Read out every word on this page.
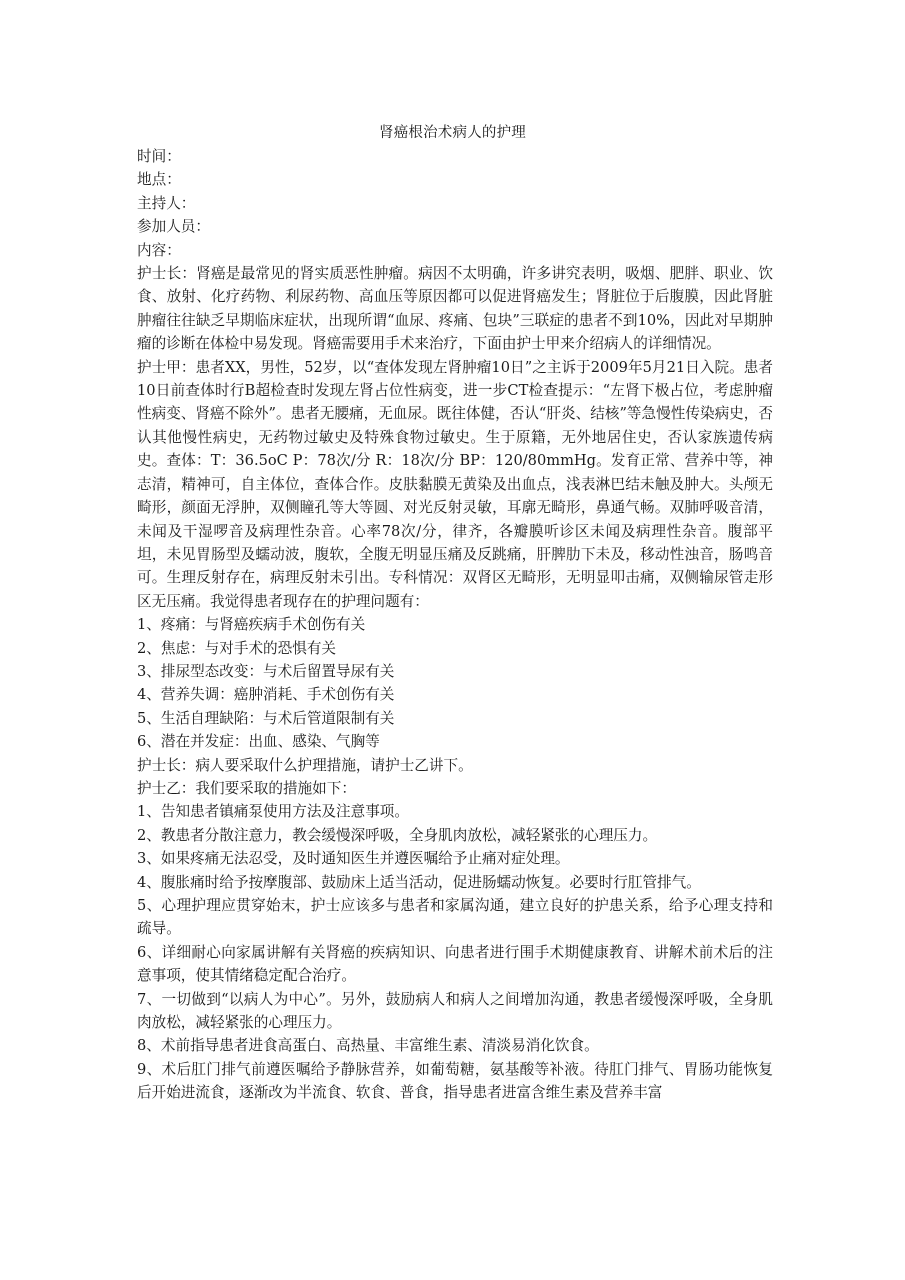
肾癌根治术病人的护理

时间：

地点：

主持人：

参加人员：

内容：

护士长：肾癌是最常见的肾实质恶性肿瘤。病因不太明确，许多讲究表明，吸烟、肥胖、职业、饮食、放射、化疗药物、利尿药物、高血压等原因都可以促进肾癌发生；肾脏位于后腹膜，因此肾脏肿瘤往往缺乏早期临床症状，出现所谓“血尿、疼痛、包块”三联症的患者不到10%，因此对早期肿瘤的诊断在体检中易发现。肾癌需要用手术来治疗，下面由护士甲来介绍病人的详细情况。

护士甲：患者XX，男性，52岁，以“查体发现左肾肿瘤10日”之主诉于2009年5月21日入院。患者10日前查体时行B超检查时发现左肾占位性病变，进一步CT检查提示：“左肾下极占位，考虑肿瘤性病变、肾癌不除外”。患者无腰痛，无血尿。既往体健，否认“肝炎、结核”等急慢性传染病史，否认其他慢性病史，无药物过敏史及特殊食物过敏史。生于原籍，无外地居住史，否认家族遗传病史。查体：T：36.5oC P：78次/分 R：18次/分 BP：120/80mmHg。发育正常、营养中等，神志清，精神可，自主体位，查体合作。皮肤黏膜无黄染及出血点，浅表淋巴结未触及肿大。头颅无畸形，颜面无浮肿，双侧瞳孔等大等圆、对光反射灵敏，耳廓无畸形，鼻通气畅。双肺呼吸音清，未闻及干湿啰音及病理性杂音。心率78次/分，律齐，各瓣膜听诊区未闻及病理性杂音。腹部平坦，未见胃肠型及蠕动波，腹软，全腹无明显压痛及反跳痛，肝脾肋下未及，移动性浊音，肠鸣音可。生理反射存在，病理反射未引出。专科情况：双肾区无畸形，无明显叩击痛，双侧输尿管走形区无压痛。我觉得患者现存在的护理问题有：

1、疼痛：与肾癌疾病手术创伤有关

2、焦虑：与对手术的恐惧有关

3、排尿型态改变：与术后留置导尿有关

4、营养失调：癌肿消耗、手术创伤有关

5、生活自理缺陷：与术后管道限制有关

6、潜在并发症：出血、感染、气胸等

护士长：病人要采取什么护理措施，请护士乙讲下。

护士乙：我们要采取的措施如下：

1、告知患者镇痛泵使用方法及注意事项。

2、教患者分散注意力，教会缓慢深呼吸，全身肌肉放松，减轻紧张的心理压力。

3、如果疼痛无法忍受，及时通知医生并遵医嘱给予止痛对症处理。

4、腹胀痛时给予按摩腹部、鼓励床上适当活动，促进肠蠕动恢复。必要时行肛管排气。

5、心理护理应贯穿始末，护士应该多与患者和家属沟通，建立良好的护患关系，给予心理支持和疏导。

6、详细耐心向家属讲解有关肾癌的疾病知识、向患者进行围手术期健康教育、讲解术前术后的注意事项，使其情绪稳定配合治疗。

7、一切做到“以病人为中心”。另外，鼓励病人和病人之间增加沟通，教患者缓慢深呼吸，全身肌肉放松，减轻紧张的心理压力。

8、术前指导患者进食高蛋白、高热量、丰富维生素、清淡易消化饮食。

9、术后肛门排气前遵医嘱给予静脉营养，如葡萄糖，氨基酸等补液。待肛门排气、胃肠功能恢复后开始进流食，逐渐改为半流食、软食、普食，指导患者进富含维生素及营养丰富
